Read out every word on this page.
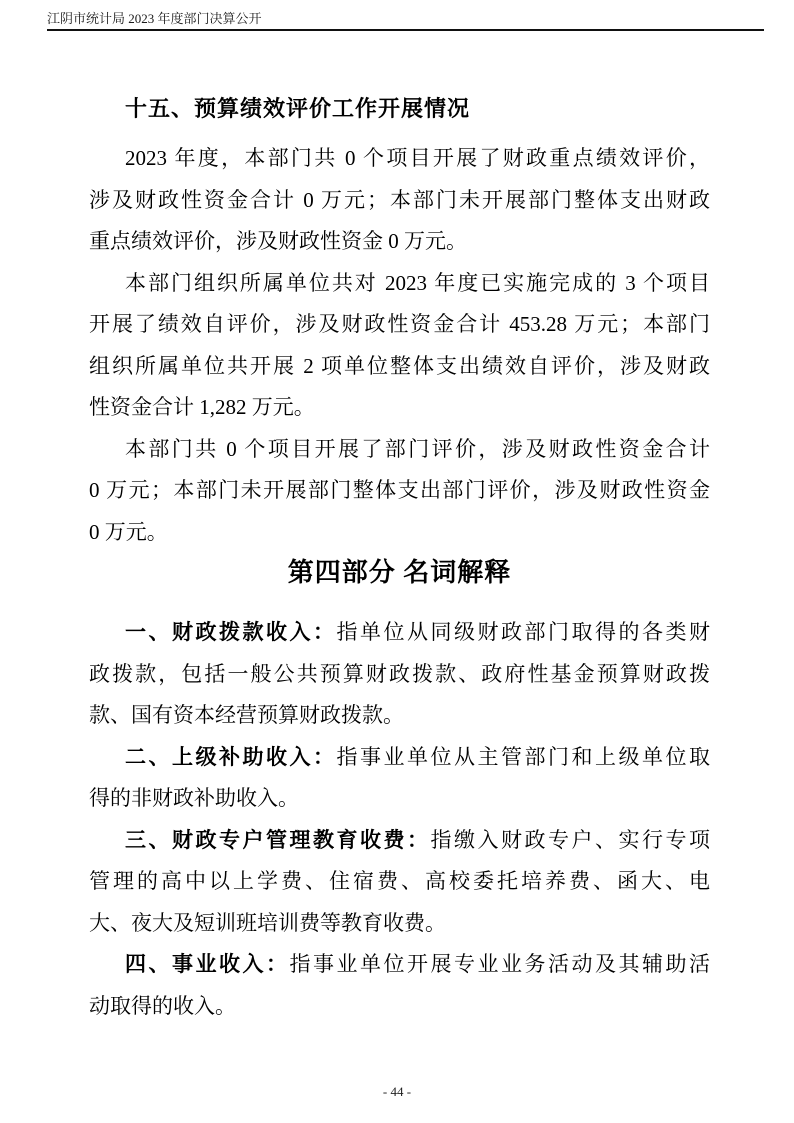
江阴市统计局 2023 年度部门决算公开
十五、预算绩效评价工作开展情况
2023 年度，本部门共 0 个项目开展了财政重点绩效评价，
涉及财政性资金合计 0 万元；本部门未开展部门整体支出财政
重点绩效评价，涉及财政性资金 0 万元。
本部门组织所属单位共对 2023 年度已实施完成的 3 个项目
开展了绩效自评价，涉及财政性资金合计 453.28 万元；本部门
组织所属单位共开展 2 项单位整体支出绩效自评价，涉及财政
性资金合计 1,282 万元。
本部门共 0 个项目开展了部门评价，涉及财政性资金合计
0 万元；本部门未开展部门整体支出部门评价，涉及财政性资金
0 万元。
第四部分 名词解释
一、财政拨款收入：指单位从同级财政部门取得的各类财
政拨款，包括一般公共预算财政拨款、政府性基金预算财政拨
款、国有资本经营预算财政拨款。
二、上级补助收入：指事业单位从主管部门和上级单位取
得的非财政补助收入。
三、财政专户管理教育收费：指缴入财政专户、实行专项
管理的高中以上学费、住宿费、高校委托培养费、函大、电
大、夜大及短训班培训费等教育收费。
四、事业收入：指事业单位开展专业业务活动及其辅助活
动取得的收入。
- 44 -
